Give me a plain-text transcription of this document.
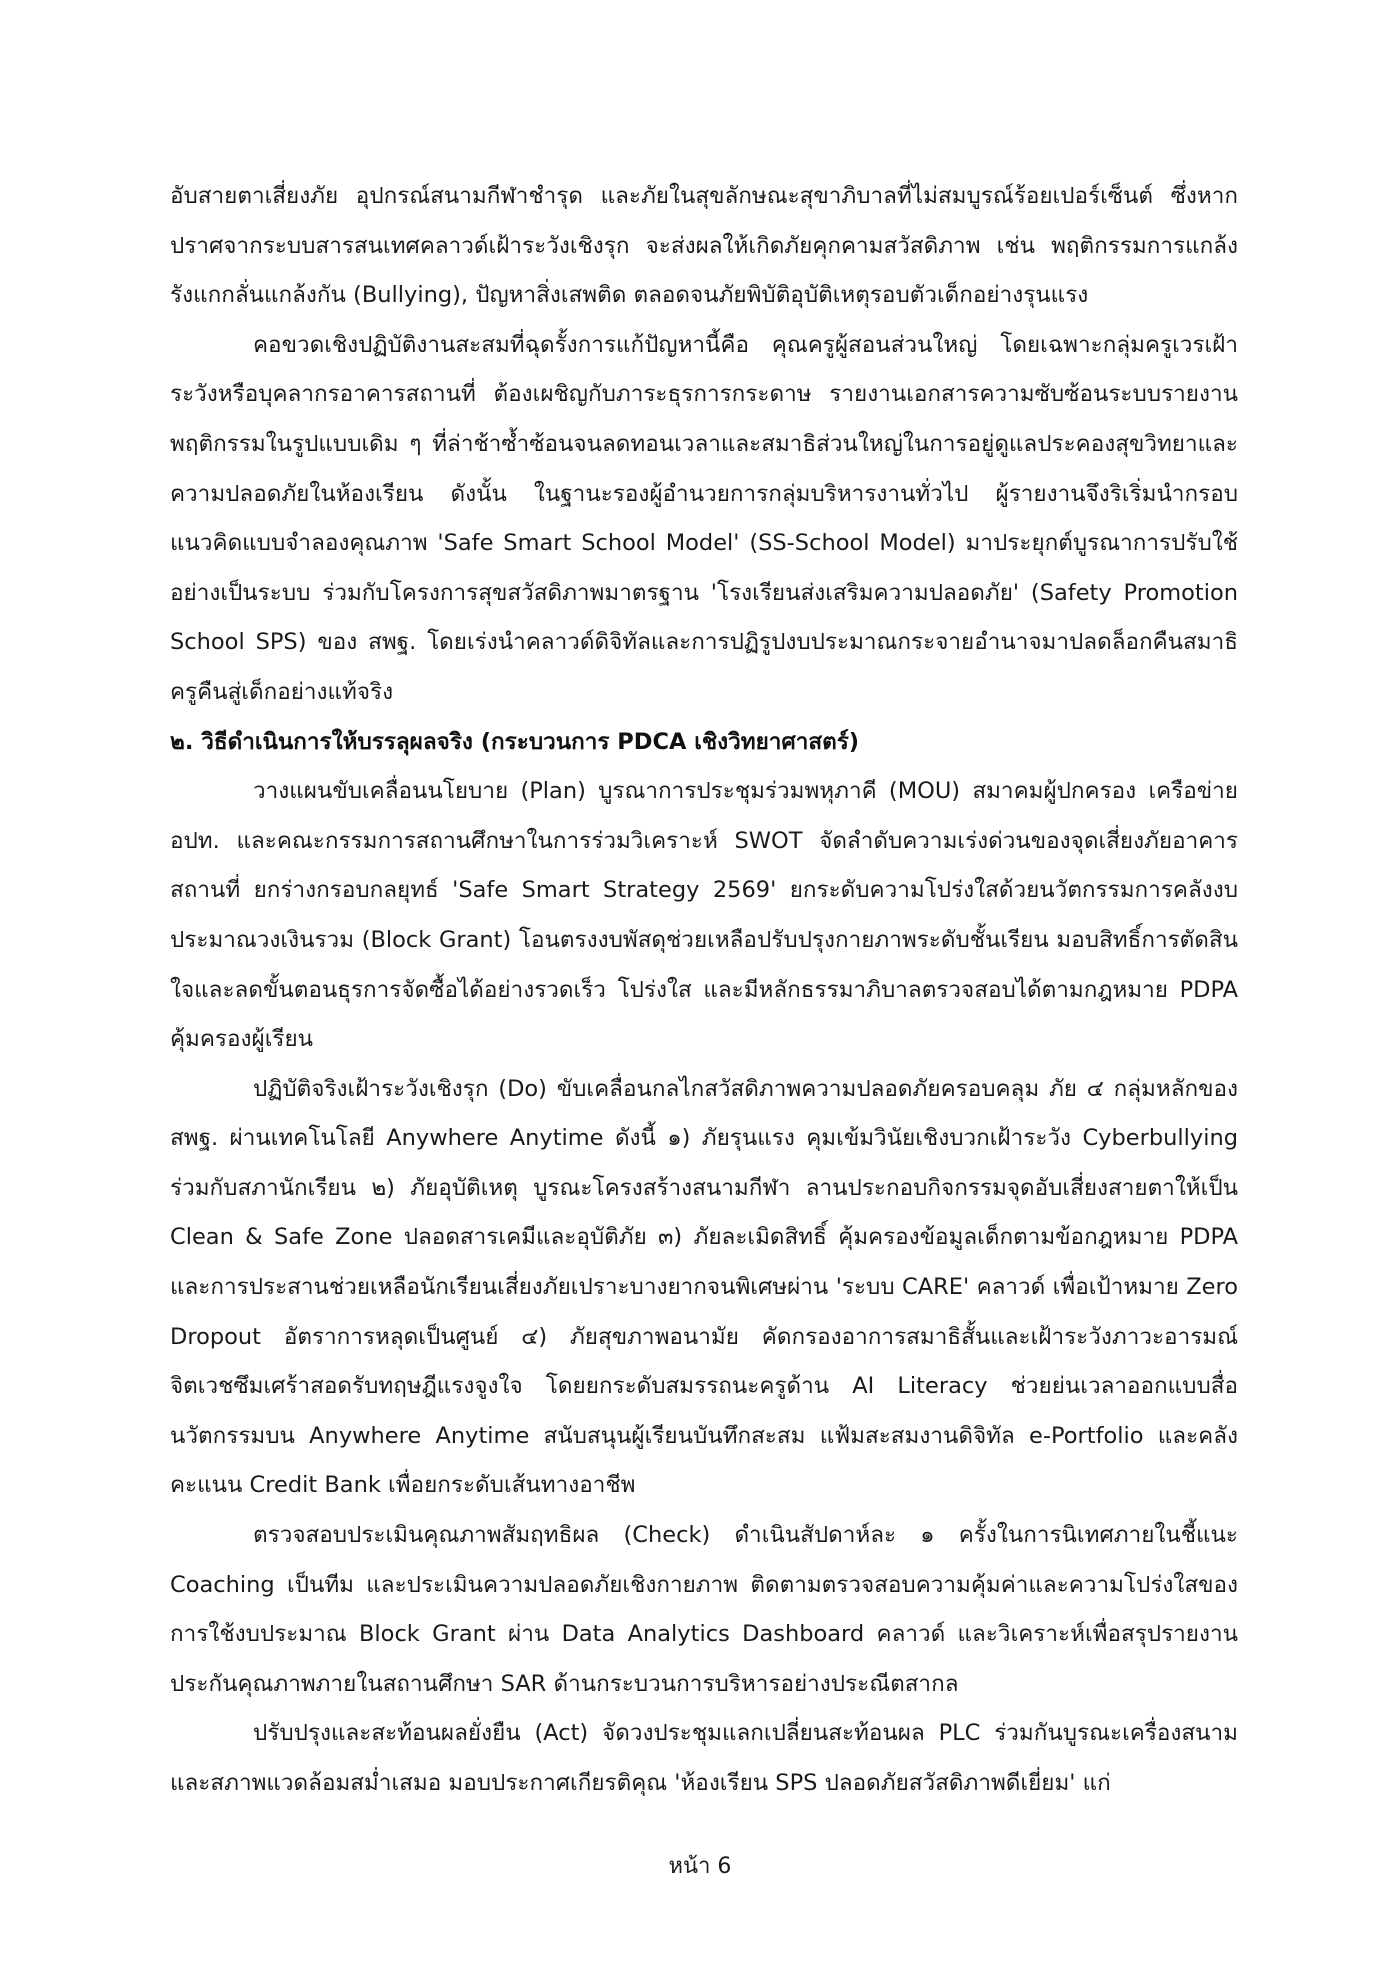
อับสายตาเสี่ยงภัย อุปกรณ์สนามกีฬาชำรุด และภัยในสุขลักษณะสุขาภิบาลที่ไม่สมบูรณ์ร้อยเปอร์เซ็นต์ ซึ่งหากปราศจากระบบสารสนเทศคลาวด์เฝ้าระวังเชิงรุก จะส่งผลให้เกิดภัยคุกคามสวัสดิภาพ เช่น พฤติกรรมการแกล้งรังแกกลั่นแกล้งกัน (Bullying), ปัญหาสิ่งเสพติด ตลอดจนภัยพิบัติอุบัติเหตุรอบตัวเด็กอย่างรุนแรง

คอขวดเชิงปฏิบัติงานสะสมที่ฉุดรั้งการแก้ปัญหานี้คือ คุณครูผู้สอนส่วนใหญ่ โดยเฉพาะกลุ่มครูเวรเฝ้าระวังหรือบุคลากรอาคารสถานที่ ต้องเผชิญกับภาระธุรการกระดาษ รายงานเอกสารความซับซ้อนระบบรายงานพฤติกรรมในรูปแบบเดิม ๆ ที่ล่าช้าซ้ำซ้อนจนลดทอนเวลาและสมาธิส่วนใหญ่ในการอยู่ดูแลประคองสุขวิทยาและความปลอดภัยในห้องเรียน ดังนั้น ในฐานะรองผู้อำนวยการกลุ่มบริหารงานทั่วไป ผู้รายงานจึงริเริ่มนำกรอบแนวคิดแบบจำลองคุณภาพ 'Safe Smart School Model' (SS-School Model) มาประยุกต์บูรณาการปรับใช้อย่างเป็นระบบ ร่วมกับโครงการสุขสวัสดิภาพมาตรฐาน 'โรงเรียนส่งเสริมความปลอดภัย' (Safety Promotion School SPS) ของ สพฐ. โดยเร่งนำคลาวด์ดิจิทัลและการปฏิรูปงบประมาณกระจายอำนาจมาปลดล็อกคืนสมาธิครูคืนสู่เด็กอย่างแท้จริง

๒. วิธีดำเนินการให้บรรลุผลจริง (กระบวนการ PDCA เชิงวิทยาศาสตร์)

วางแผนขับเคลื่อนนโยบาย (Plan) บูรณาการประชุมร่วมพหุภาคี (MOU) สมาคมผู้ปกครอง เครือข่าย อปท. และคณะกรรมการสถานศึกษาในการร่วมวิเคราะห์ SWOT จัดลำดับความเร่งด่วนของจุดเสี่ยงภัยอาคารสถานที่ ยกร่างกรอบกลยุทธ์ 'Safe Smart Strategy 2569' ยกระดับความโปร่งใสด้วยนวัตกรรมการคลังงบประมาณวงเงินรวม (Block Grant) โอนตรงงบพัสดุช่วยเหลือปรับปรุงกายภาพระดับชั้นเรียน มอบสิทธิ์การตัดสินใจและลดขั้นตอนธุรการจัดซื้อได้อย่างรวดเร็ว โปร่งใส และมีหลักธรรมาภิบาลตรวจสอบได้ตามกฎหมาย PDPA คุ้มครองผู้เรียน

ปฏิบัติจริงเฝ้าระวังเชิงรุก (Do) ขับเคลื่อนกลไกสวัสดิภาพความปลอดภัยครอบคลุม ภัย ๔ กลุ่มหลักของ สพฐ. ผ่านเทคโนโลยี Anywhere Anytime ดังนี้ ๑) ภัยรุนแรง คุมเข้มวินัยเชิงบวกเฝ้าระวัง Cyberbullying ร่วมกับสภานักเรียน ๒) ภัยอุบัติเหตุ บูรณะโครงสร้างสนามกีฬา ลานประกอบกิจกรรมจุดอับเสี่ยงสายตาให้เป็น Clean & Safe Zone ปลอดสารเคมีและอุบัติภัย ๓) ภัยละเมิดสิทธิ์ คุ้มครองข้อมูลเด็กตามข้อกฎหมาย PDPA และการประสานช่วยเหลือนักเรียนเสี่ยงภัยเปราะบางยากจนพิเศษผ่าน 'ระบบ CARE' คลาวด์ เพื่อเป้าหมาย Zero Dropout อัตราการหลุดเป็นศูนย์ ๔) ภัยสุขภาพอนามัย คัดกรองอาการสมาธิสั้นและเฝ้าระวังภาวะอารมณ์จิตเวชซึมเศร้าสอดรับทฤษฎีแรงจูงใจ โดยยกระดับสมรรถนะครูด้าน AI Literacy ช่วยย่นเวลาออกแบบสื่อนวัตกรรมบน Anywhere Anytime สนับสนุนผู้เรียนบันทึกสะสม แฟ้มสะสมงานดิจิทัล e-Portfolio และคลังคะแนน Credit Bank เพื่อยกระดับเส้นทางอาชีพ

ตรวจสอบประเมินคุณภาพสัมฤทธิผล (Check) ดำเนินสัปดาห์ละ ๑ ครั้งในการนิเทศภายในชี้แนะ Coaching เป็นทีม และประเมินความปลอดภัยเชิงกายภาพ ติดตามตรวจสอบความคุ้มค่าและความโปร่งใสของการใช้งบประมาณ Block Grant ผ่าน Data Analytics Dashboard คลาวด์ และวิเคราะห์เพื่อสรุปรายงานประกันคุณภาพภายในสถานศึกษา SAR ด้านกระบวนการบริหารอย่างประณีตสากล

ปรับปรุงและสะท้อนผลยั่งยืน (Act) จัดวงประชุมแลกเปลี่ยนสะท้อนผล PLC ร่วมกันบูรณะเครื่องสนามและสภาพแวดล้อมสม่ำเสมอ มอบประกาศเกียรติคุณ 'ห้องเรียน SPS ปลอดภัยสวัสดิภาพดีเยี่ยม' แก่

หน้า 6
